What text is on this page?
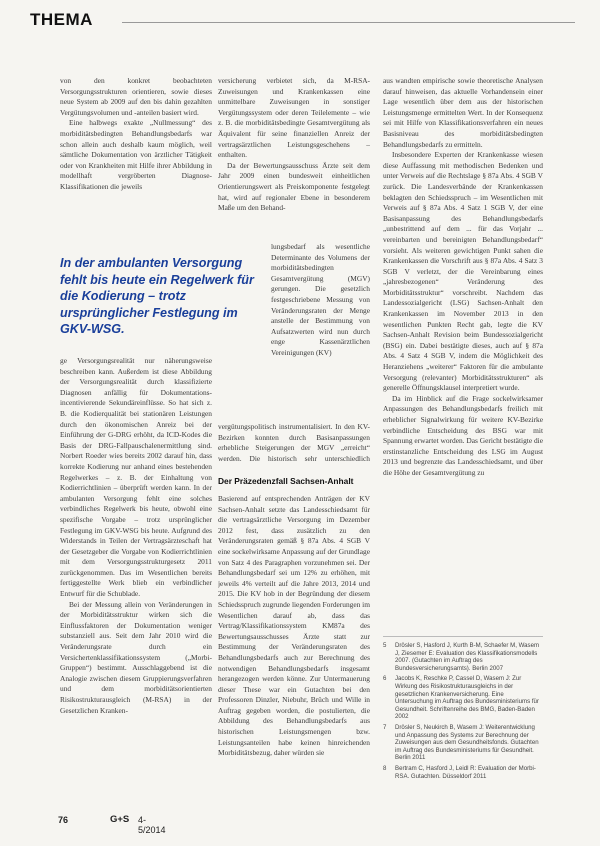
THEMA

von den konkret beobachteten Versorgungsstrukturen orientieren, sowie dieses neue System ab 2009 auf den bis dahin gezahlten Vergütungsvolumen und -anteilen basiert wird.

Eine halbwegs exakte „Nullmessung“ des morbiditätsbedingten Behandlungsbedarfs war schon allein auch deshalb kaum möglich, weil sämtliche Dokumentation von ärztlicher Tätigkeit oder von Krankheiten mit Hilfe ihrer Abbildung in modellhaft vergröberten Diagnose-Klassifikationen die jeweils

In der ambulanten Versorgung fehlt bis heute ein Regelwerk für die Kodierung – trotz ursprünglicher Festlegung im GKV-WSG.

ge Versorgungsrealität nur näherungsweise beschreiben kann. Außerdem ist diese Abbildung der Versorgungsrealität durch klassifizierte Diagnosen anfällig für Dokumentations-incentivierende Sekundäreinflüsse. So hat sich z. B. die Kodierqualität bei stationären Leistungen durch den ökonomischen Anreiz bei der Einführung der G-DRG erhöht, da ICD-Kodes die Basis der DRG-Fallpauschalenermittlung sind. Norbert Roeder wies bereits 2002 darauf hin, dass korrekte Kodierung nur anhand eines bestehenden Regelwerkes – z. B. der Einhaltung von Kodierrichtlinien – überprüft werden kann. In der ambulanten Versorgung fehlt eine solches verbindliches Regelwerk bis heute, obwohl eine spezifische Vorgabe – trotz ursprünglicher Festlegung im GKV-WSG bis heute. Aufgrund des Widerstands in Teilen der Vertragsärzteschaft hat der Gesetzgeber die Vorgabe von Kodierrichtlinien mit dem Versorgungsstrukturgesetz 2011 zurückgenommen. Das im Wesentlichen bereits fertiggestellte Werk blieb ein verbindlicher Entwurf für die Schublade.

Bei der Messung allein von Veränderungen in der Morbiditätsstruktur wirken sich die Einflussfaktoren der Dokumentation weniger substanziell aus. Seit dem Jahr 2010 wird die Veränderungsrate durch ein Versichertenklassifikationssystem („Morbi-Gruppen“) bestimmt. Ausschlaggebend ist die Analogie zwischen diesem Gruppierungsverfahren und dem morbiditätsorientierten Risikostrukturausgleich (M-RSA) in der Gesetzlichen Kranken-

versicherung verbietet sich, da M-RSA-Zuweisungen und Krankenkassen eine unmittelbare Zuweisungen in sonstiger Vergütungssystem oder deren Teilelemente – wie z. B. die morbiditätsbedingte Gesamtvergütung als Äquivalent für seine finanziellen Anreiz der vertragsärztlichen Leistungsgeschehens – enthalten.

Da der Bewertungsausschuss Ärzte seit dem Jahr 2009 einen bundesweit einheitlichen Orientierungswert als Preiskomponente festgelegt hat, wird auf regionaler Ebene in besonderem Maße um den Behand-

lungsbedarf als wesentliche Determinante des Volumens der morbiditätsbedingten Gesamtvergütung (MGV) gerungen. Die gesetzlich festgeschriebene Messung von Veränderungsraten der Menge anstelle der Bestimmung von Aufsatzwerten wird nun durch enge Kassenärztlichen Vereinigungen (KV)

vergütungspolitisch instrumentalisiert. In den KV-Bezirken konnten durch Basisanpassungen erhebliche Steigerungen der MGV „erreicht“ werden. Die historisch sehr unterschiedlich

Der Präzedenzfall Sachsen-Anhalt

Basierend auf entsprechenden Anträgen der KV Sachsen-Anhalt setzte das Landesschiedsamt für die vertragsärztliche Versorgung im Dezember 2012 fest, dass zusätzlich zu den Veränderungsraten gemäß § 87a Abs. 4 SGB V eine sockelwirksame Anpassung auf der Grundlage von Satz 4 des Paragraphen vorzunehmen sei. Der Behandlungsbedarf sei um 12% zu erhöhen, mit jeweils 4% verteilt auf die Jahre 2013, 2014 und 2015. Die KV hob in der Begründung der diesem Schiedsspruch zugrunde liegenden Forderungen im Wesentlichen darauf ab, dass das Vertrag/Klassifikationssystem KM87a des Bewertungsausschusses Ärzte statt zur Bestimmung der Veränderungsraten des Behandlungsbedarfs auch zur Berechnung des notwendigen Behandlungsbedarfs insgesamt herangezogen werden könne. Zur Untermauerung dieser These war ein Gutachten bei den Professoren Dinzler, Niebuhr, Brüch und Wille in Auftrag gegeben worden, die postulierten, die Abbildung des Behandlungsbedarfs aus historischen Leistungsmengen bzw. Leistungsanteilen habe keinen hinreichenden Morbiditätsbezug, daher würden sie

aus wandten empirische sowie theoretische Analysen darauf hinweisen, das aktuelle Vorhandensein einer Lage wesentlich über dem aus der historischen Leistungsmenge ermittelten Wert. In der Konsequenz sei mit Hilfe von Klassifikationsverfahren ein neues Basisniveau des morbiditätsbedingten Behandlungsbedarfs zu ermitteln.

Insbesondere Experten der Krankenkasse wiesen diese Auffassung mit methodischen Bedenken und unter Verweis auf die Rechtslage § 87a Abs. 4 SGB V zurück. Die Landesverbände der Krankenkassen beklagten den Schiedsspruch – im Wesentlichen mit Verweis auf § 87a Abs. 4 Satz 1 SGB V, der eine Basisanpassung des Behandlungsbedarfs „unbestrittend auf dem ... für das Vorjahr ... vereinbarten und bereinigten Behandlungsbedarf“ vorsieht. Als weiteren gewichtigen Punkt sahen die Krankenkassen die Vorschrift aus § 87a Abs. 4 Satz 3 SGB V verletzt, der die Vereinbarung eines „jahresbezogenen“ Veränderung des Morbiditätsstruktur“ vorschreibt. Nachdem das Landessozialgericht (LSG) Sachsen-Anhalt den Krankenkassen im November 2013 in den wesentlichen Punkten Recht gab, legte die KV Sachsen-Anhalt Revision beim Bundessozialgericht (BSG) ein. Dabei bestätigte dieses, auch auf § 87a Abs. 4 Satz 4 SGB V, indem die Möglichkeit des Heranziehens „weiterer“ Faktoren für die ambulante Versorgung (relevanter) Morbiditätsstrukturen“ als generelle Öffnungsklausel interpretiert wurde.

Da im Hinblick auf die Frage sockelwirksamer Anpassungen des Behandlungsbedarfs freilich mit erheblicher Signalwirkung für weitere KV-Bezirke verbindliche Entscheidung des BSG war mit Spannung erwartet worden. Das Gericht bestätigte die erstinstanzliche Entscheidung des LSG im August 2013 und begrenzte das Landesschiedsamt, und über die Höhe der Gesamtvergütung zu

5	Drösler S, Hasford J, Kurth B-M, Schaefer M, Wasem J, Ziesemer E: Evaluation des Klassifikationsmodells 2007. (Gutachten im Auftrag des Bundesversicherungsamts). Berlin 2007
6	Jacobs K, Reschke P, Cassel D, Wasem J: Zur Wirkung des Risikostrukturausgleichs in der gesetzlichen Krankenversicherung. Eine Untersuchung im Auftrag des Bundesministeriums für Gesundheit. Schriftenreihe des BMG, Baden-Baden 2002
7	Drösler S, Neukirch B, Wasem J: Weiterentwicklung und Anpassung des Systems zur Berechnung der Zuweisungen aus dem Gesundheitsfonds. Gutachten im Auftrag des Bundesministeriums für Gesundheit. Berlin 2011
8	Bertram C, Hasford J, Leidl R: Evaluation der Morbi-RSA. Gutachten. Düsseldorf 2011
76	G+S 4-5/2014
